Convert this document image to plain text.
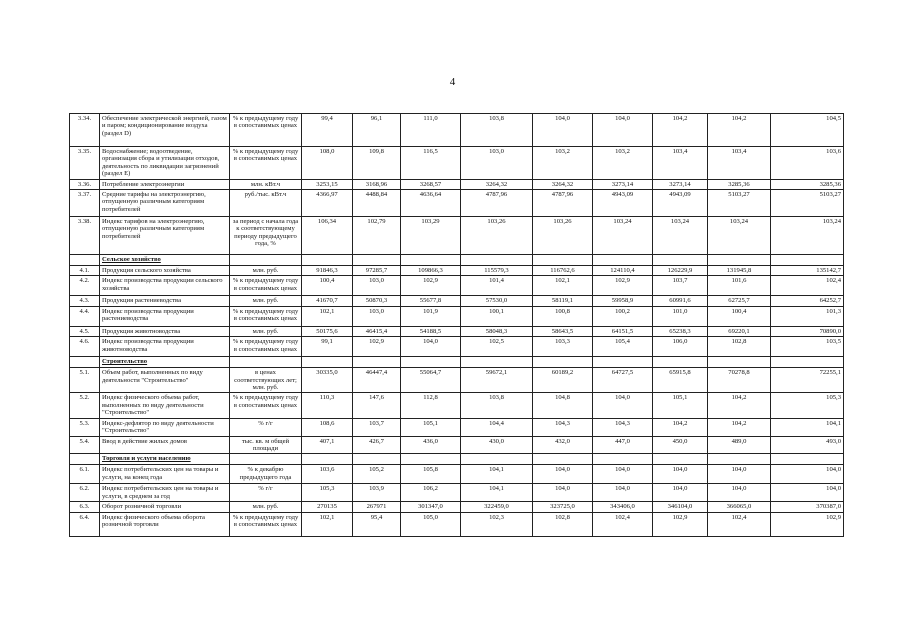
4
3.34.	Обеспечение электрической энергией, газом и паром; кондиционирование воздуха (раздел D)	% к предыдущему году в сопоставимых ценах	99,4	96,1	111,0	103,8	104,0	104,0	104,2	104,2	104,5
3.35.	Водоснабжение; водоотведение, организация сбора и утилизации отходов, деятельность по ликвидации загрязнений (раздел E)	% к предыдущему году в сопоставимых ценах	108,0	109,8	116,5	103,0	103,2	103,2	103,4	103,4	103,6
3.36.	Потребление электроэнергии	млн. кВт.ч	3253,15	3168,96	3268,57	3264,32	3264,32	3273,14	3273,14	3285,36	3285,36
3.37.	Средние тарифы на электроэнергию, отпущенную различным категориям потребителей	руб./тыс. кВт.ч	4366,97	4488,84	4636,64	4787,96	4787,96	4943,09	4943,09	5103,27	5103,27
3.38.	Индекс тарифов на электроэнергию, отпущенную различным категориям потребителей	за период с начала года к соответствующему периоду предыдущего года, %	106,34	102,79	103,29	103,26	103,26	103,24	103,24	103,24	103,24
	Сельское хозяйство										
4.1.	Продукция сельского хозяйства	млн. руб.	91846,3	97285,7	109866,3	115579,3	116762,6	124110,4	126229,9	131945,8	135142,7
4.2.	Индекс производства продукции сельского хозяйства	% к предыдущему году в сопоставимых ценах	100,4	103,0	102,9	101,4	102,1	102,9	103,7	101,6	102,4
4.3.	Продукция растениеводства	млн. руб.	41670,7	50870,3	55677,8	57530,0	58119,1	59958,9	60991,6	62725,7	64252,7
4.4.	Индекс производства продукции растениеводства	% к предыдущему году в сопоставимых ценах	102,1	103,0	101,9	100,1	100,8	100,2	101,0	100,4	101,3
4.5.	Продукция животноводства	млн. руб.	50175,6	46415,4	54188,5	58048,3	58643,5	64151,5	65238,3	69220,1	70890,0
4.6.	Индекс производства продукции животноводства	% к предыдущему году в сопоставимых ценах	99,1	102,9	104,0	102,5	103,3	105,4	106,0	102,8	103,5
	Строительство										
5.1.	Объем работ, выполненных по виду деятельности "Строительство"	в ценах соответствующих лет; млн. руб.	30335,0	46447,4	55064,7	59672,1	60189,2	64727,5	65915,8	70278,8	72255,1
5.2.	Индекс физического объема работ, выполненных по виду деятельности "Строительство"	% к предыдущему году в сопоставимых ценах	110,3	147,6	112,8	103,8	104,8	104,0	105,1	104,2	105,3
5.3.	Индекс-дефлятор по виду деятельности "Строительство"	% г/г	108,6	103,7	105,1	104,4	104,3	104,3	104,2	104,2	104,1
5.4.	Ввод в действие жилых домов	тыс. кв. м общей площади	407,1	426,7	436,0	430,0	432,0	447,0	450,0	489,0	493,0
	Торговля и услуги населению										
6.1.	Индекс потребительских цен на товары и услуги, на конец года	% к декабрю предыдущего года	103,6	105,2	105,8	104,1	104,0	104,0	104,0	104,0	104,0
6.2.	Индекс потребительских цен на товары и услуги, в среднем за год	% г/г	105,3	103,9	106,2	104,1	104,0	104,0	104,0	104,0	104,0
6.3.	Оборот розничной торговли	млн. руб.	270135	267971	301347,0	322459,0	323725,0	343406,0	346104,0	366065,0	370387,0
6.4.	Индекс физического объема оборота розничной торговли	% к предыдущему году в сопоставимых ценах	102,1	95,4	105,0	102,3	102,8	102,4	102,9	102,4	102,9
